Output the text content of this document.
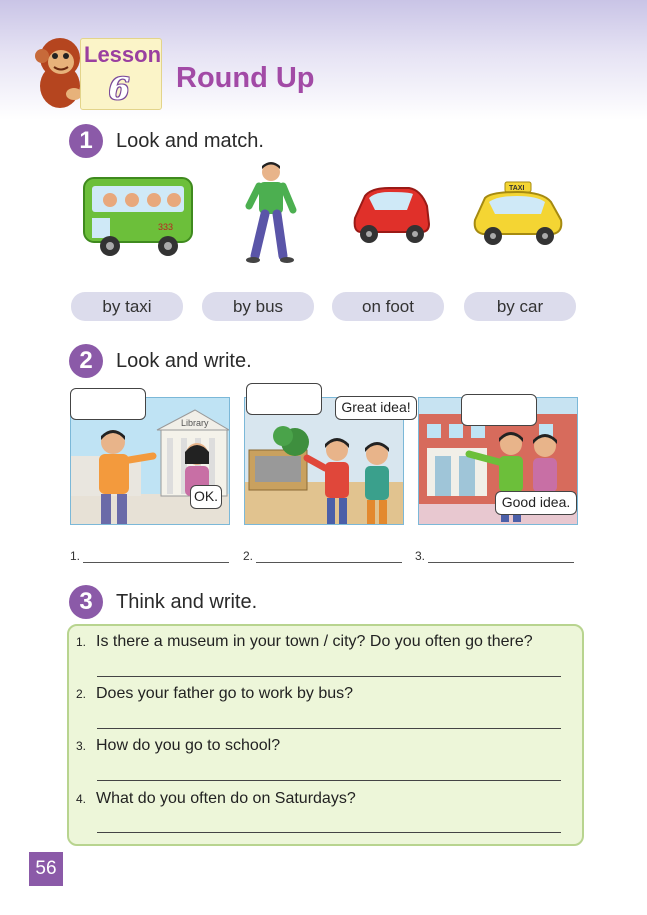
Lesson
6 Round Up
1	Look and match.
333
TAXI
by taxi	by bus	on foot	by car
2	Look and write.
Library
OK.
Great idea!
Good idea.
1.	2.	3.
3	Think and write.
1. Is there a museum in your town / city? Do you often go there?
2. Does your father go to work by bus?
3. How do you go to school?
4. What do you often do on Saturdays?
56
